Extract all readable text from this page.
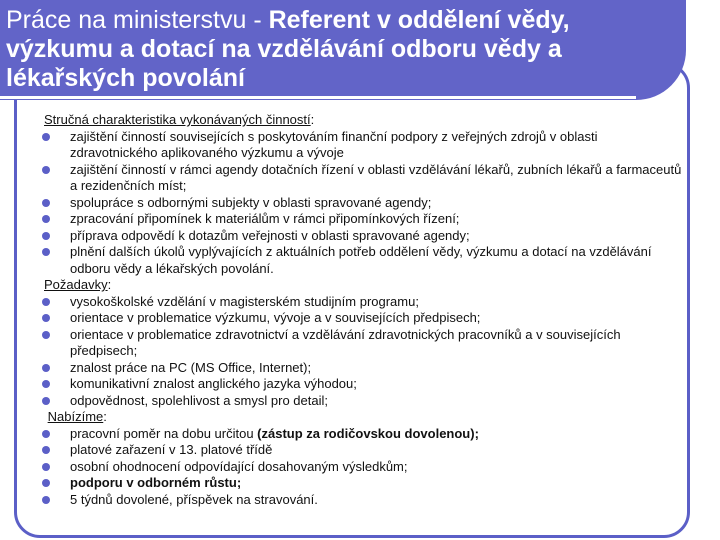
Práce na ministerstvu - Referent v oddělení vědy, výzkumu a dotací na vzdělávání odboru vědy a lékařských povolání
Stručná charakteristika vykonávaných činností:
zajištění činností souvisejících s poskytováním finanční podpory z veřejných zdrojů v oblasti zdravotnického aplikovaného výzkumu a vývoje
zajištění činností v rámci agendy dotačních řízení v oblasti vzdělávání lékařů, zubních lékařů a farmaceutů a rezidenčních míst;
spolupráce s odbornými subjekty v oblasti spravované agendy;
zpracování připomínek k materiálům v rámci připomínkových řízení;
příprava odpovědí k dotazům veřejnosti v oblasti spravované agendy;
plnění dalších úkolů vyplývajících z aktuálních potřeb oddělení vědy, výzkumu a dotací na vzdělávání odboru vědy a lékařských povolání.
Požadavky:
vysokoškolské vzdělání v magisterském studijním programu;
orientace v problematice výzkumu, vývoje a v souvisejících předpisech;
orientace v problematice zdravotnictví a vzdělávání zdravotnických pracovníků a v souvisejících předpisech;
znalost práce na PC (MS Office, Internet);
komunikativní znalost anglického jazyka výhodou;
odpovědnost, spolehlivost a smysl pro detail;
Nabízíme:
pracovní poměr na dobu určitou (zástup za rodičovskou dovolenou);
platové zařazení v 13. platové třídě
osobní ohodnocení odpovídající dosahovaným výsledkům;
podporu v odborném růstu;
5 týdnů dovolené, příspěvek na stravování.
